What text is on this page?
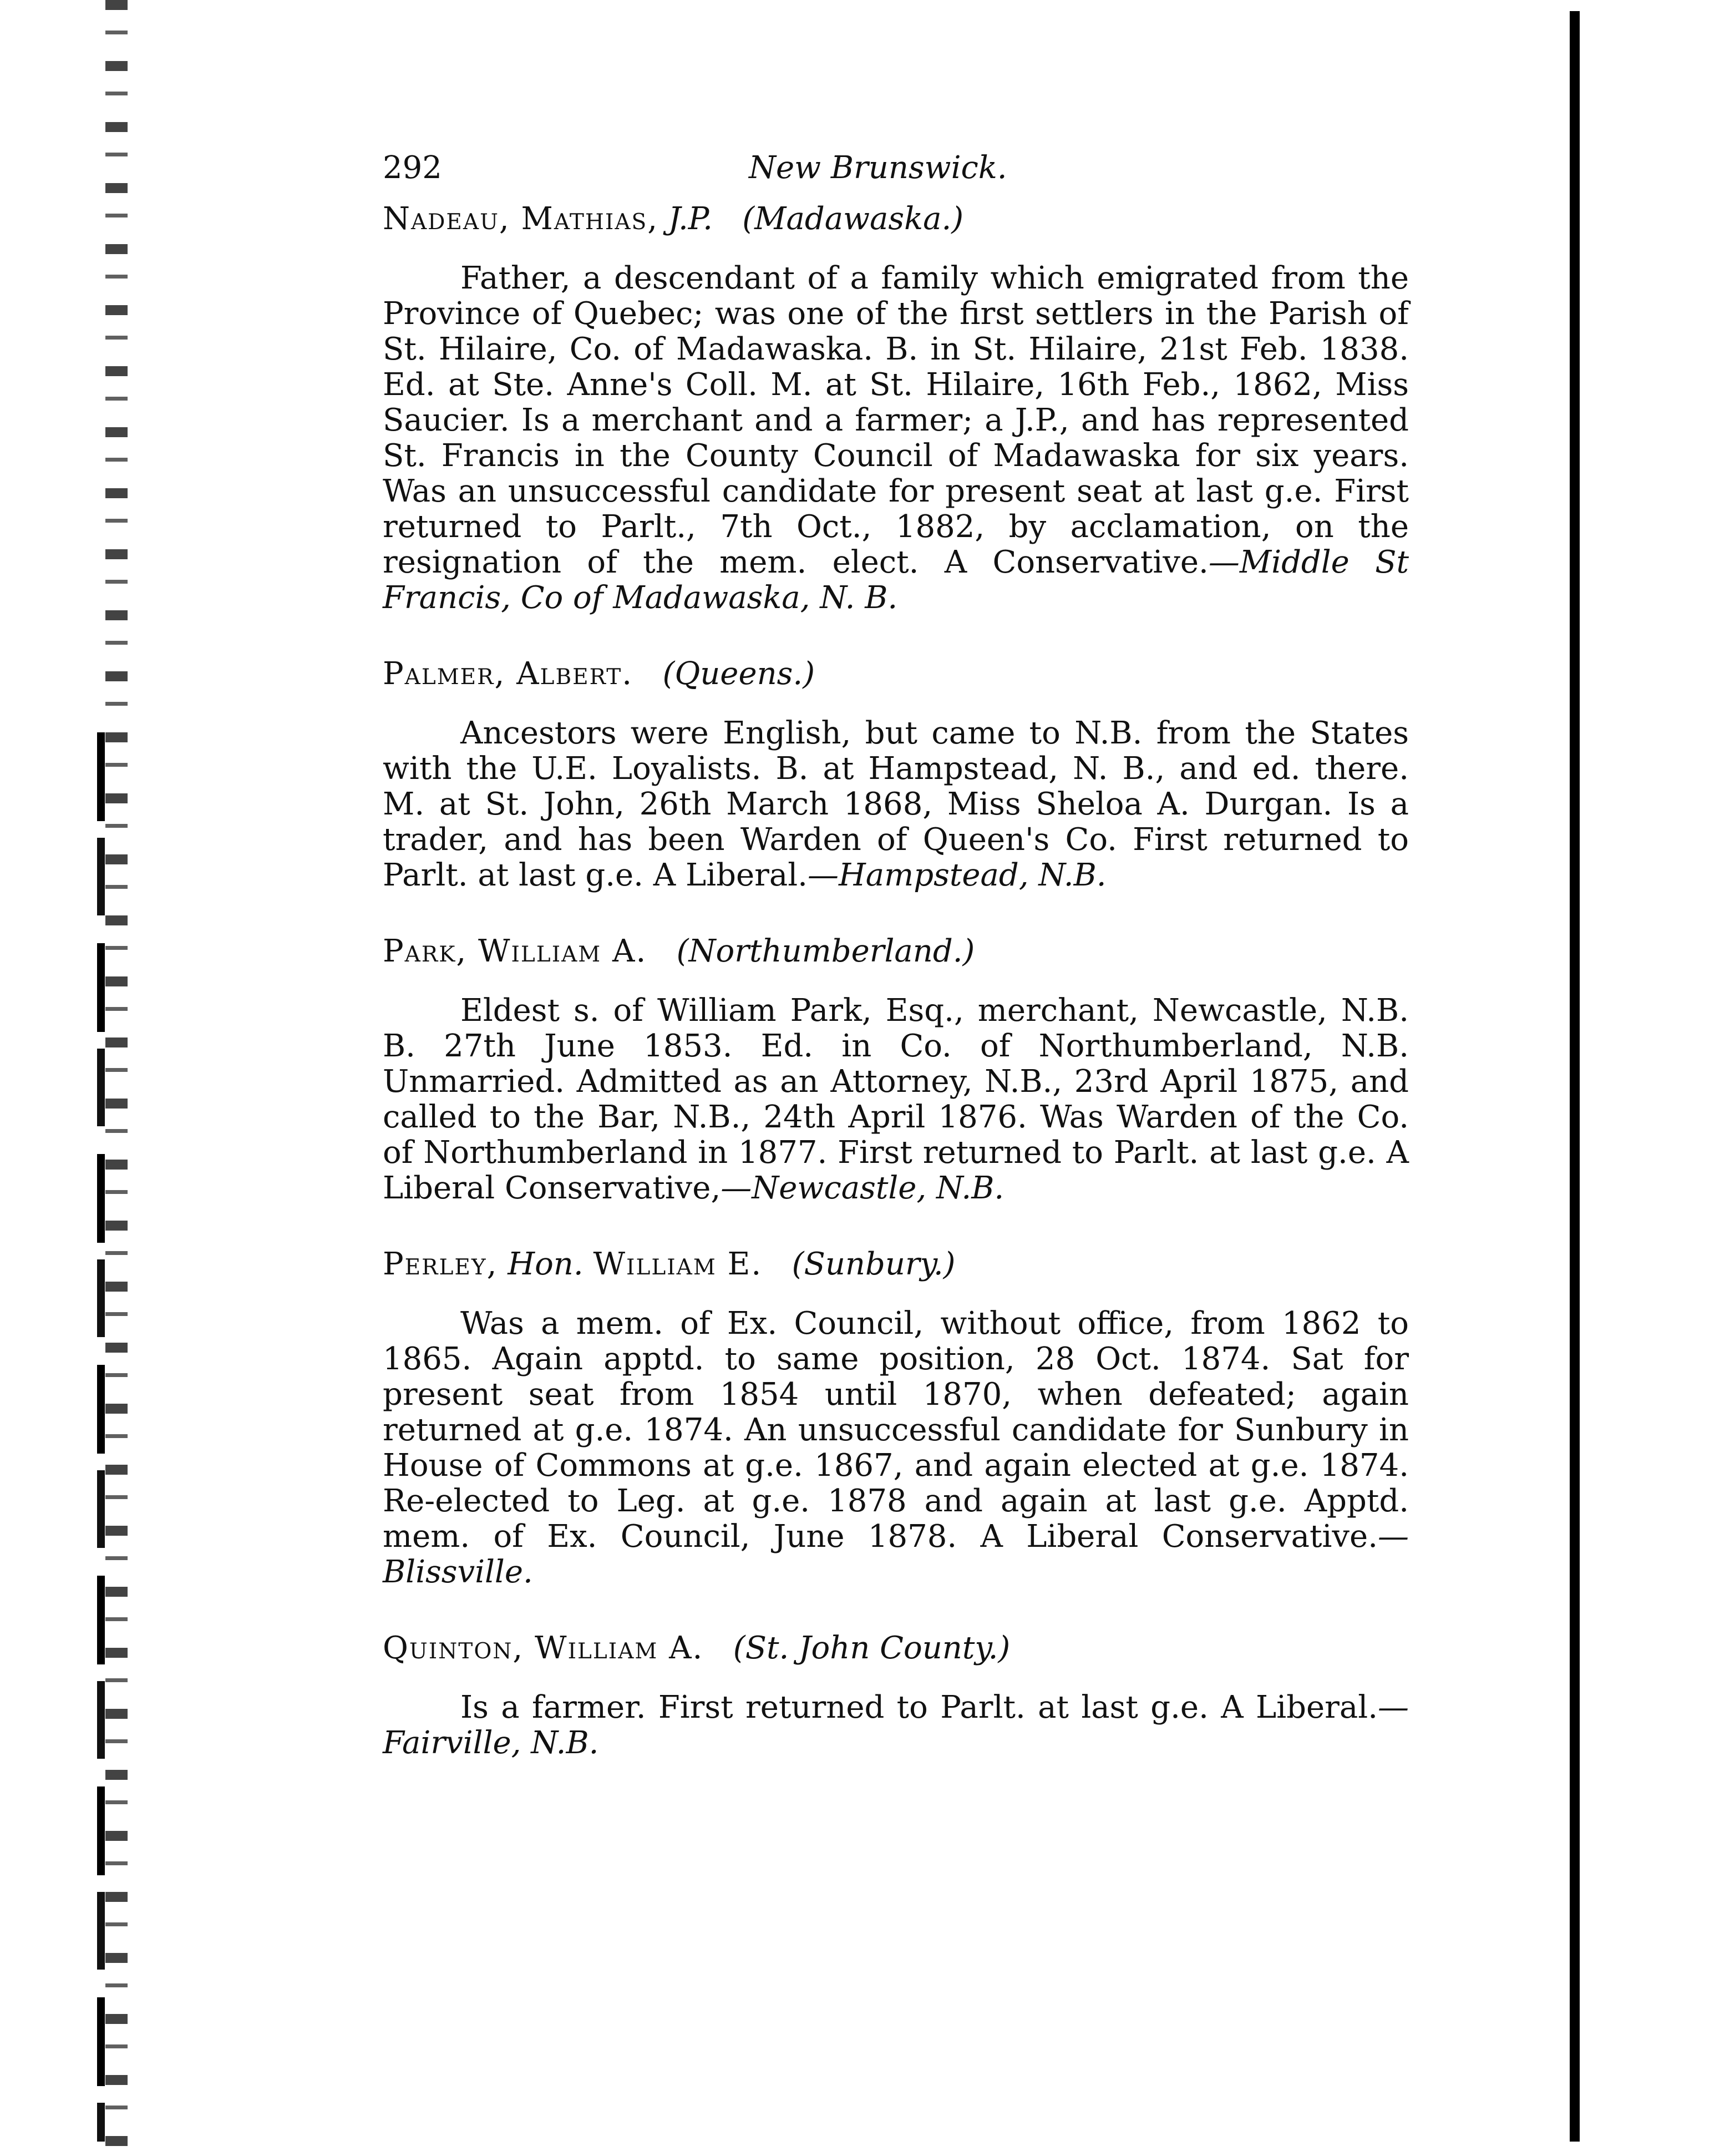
292	New Brunswick.
Nadeau, Mathias, J.P. (Madawaska.)

Father, a descendant of a family which emigrated from the Province of Quebec; was one of the first settlers in the Parish of St. Hilaire, Co. of Madawaska. B. in St. Hilaire, 21st Feb. 1838. Ed. at Ste. Anne's Coll. M. at St. Hilaire, 16th Feb., 1862, Miss Saucier. Is a merchant and a farmer; a J.P., and has represented St. Francis in the County Council of Madawaska for six years. Was an unsuccessful candidate for present seat at last g.e. First returned to Parlt., 7th Oct., 1882, by acclamation, on the resignation of the mem. elect. A Conservative.—Middle St Francis, Co of Madawaska, N. B.

Palmer, Albert. (Queens.)

Ancestors were English, but came to N.B. from the States with the U.E. Loyalists. B. at Hampstead, N. B., and ed. there. M. at St. John, 26th March 1868, Miss Sheloa A. Durgan. Is a trader, and has been Warden of Queen's Co. First returned to Parlt. at last g.e. A Liberal.—Hampstead, N.B.

Park, William A. (Northumberland.)

Eldest s. of William Park, Esq., merchant, Newcastle, N.B. B. 27th June 1853. Ed. in Co. of Northumberland, N.B. Unmarried. Admitted as an Attorney, N.B., 23rd April 1875, and called to the Bar, N.B., 24th April 1876. Was Warden of the Co. of Northumberland in 1877. First returned to Parlt. at last g.e. A Liberal Conservative,—Newcastle, N.B.

Perley, Hon. William E. (Sunbury.)

Was a mem. of Ex. Council, without office, from 1862 to 1865. Again apptd. to same position, 28 Oct. 1874. Sat for present seat from 1854 until 1870, when defeated; again returned at g.e. 1874. An unsuccessful candidate for Sunbury in House of Commons at g.e. 1867, and again elected at g.e. 1874. Re-elected to Leg. at g.e. 1878 and again at last g.e. Apptd. mem. of Ex. Council, June 1878. A Liberal Conservative.—Blissville.

Quinton, William A. (St. John County.)

Is a farmer. First returned to Parlt. at last g.e. A Liberal.—Fairville, N.B.
